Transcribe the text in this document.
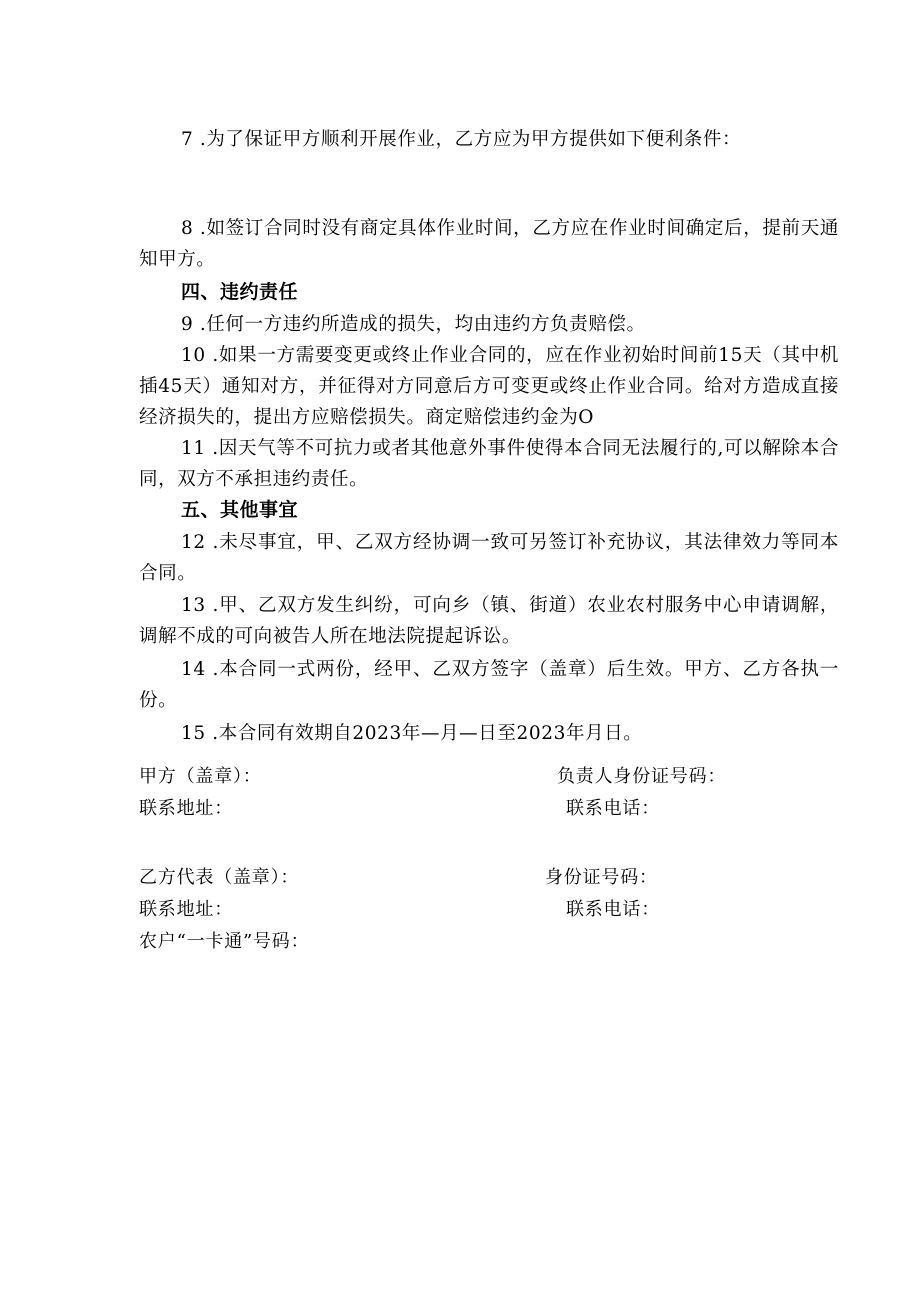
7 .为了保证甲方顺利开展作业，乙方应为甲方提供如下便利条件：

8 .如签订合同时没有商定具体作业时间，乙方应在作业时间确定后，提前天通知甲方。

四、违约责任

9 .任何一方违约所造成的损失，均由违约方负责赔偿。

10 .如果一方需要变更或终止作业合同的，应在作业初始时间前15天（其中机插45天）通知对方，并征得对方同意后方可变更或终止作业合同。给对方造成直接经济损失的，提出方应赔偿损失。商定赔偿违约金为O

11 .因天气等不可抗力或者其他意外事件使得本合同无法履行的,可以解除本合同，双方不承担违约责任。

五、其他事宜

12 .未尽事宜，甲、乙双方经协调一致可另签订补充协议，其法律效力等同本合同。

13 .甲、乙双方发生纠纷，可向乡（镇、街道）农业农村服务中心申请调解，调解不成的可向被告人所在地法院提起诉讼。

14 .本合同一式两份，经甲、乙双方签字（盖章）后生效。甲方、乙方各执一份。

15 .本合同有效期自2023年—月—日至2023年月日。

甲方（盖章）：	负责人身份证号码：
联系地址：	联系电话：
乙方代表（盖章）：	身份证号码：
联系地址：	联系电话：
农户“一卡通”号码：
